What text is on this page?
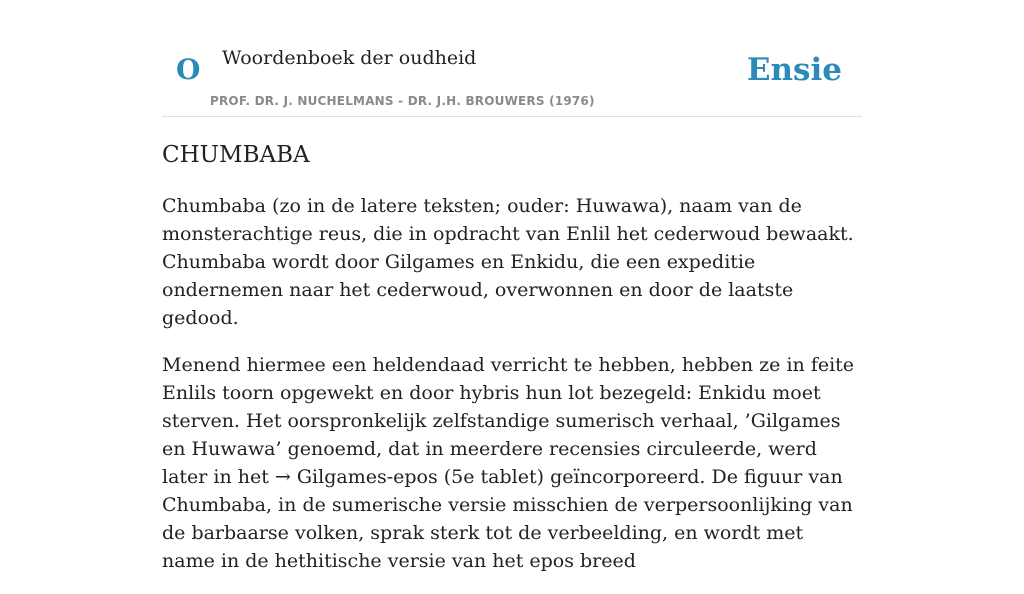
O Woordenboek der oudheid
PROF. DR. J. NUCHELMANS - DR. J.H. BROUWERS (1976)
Ensie
CHUMBABA

Chumbaba (zo in de latere teksten; ouder: Huwawa), naam van de monsterachtige reus, die in opdracht van Enlil het cederwoud bewaakt. Chumbaba wordt door Gilgames en Enkidu, die een expeditie ondernemen naar het cederwoud, overwonnen en door de laatste gedood.

Menend hiermee een heldendaad verricht te hebben, hebben ze in feite Enlils toorn opgewekt en door hybris hun lot bezegeld: Enkidu moet sterven. Het oorspronkelijk zelfstandige sumerisch verhaal, ’Gilgames en Huwawa’ genoemd, dat in meerdere recensies circuleerde, werd later in het → Gilgames-epos (5e tablet) geïncorporeerd. De figuur van Chumbaba, in de sumerische versie misschien de verpersoonlijking van de barbaarse volken, sprak sterk tot de verbeelding, en wordt met name in de hethitische versie van het epos breed
